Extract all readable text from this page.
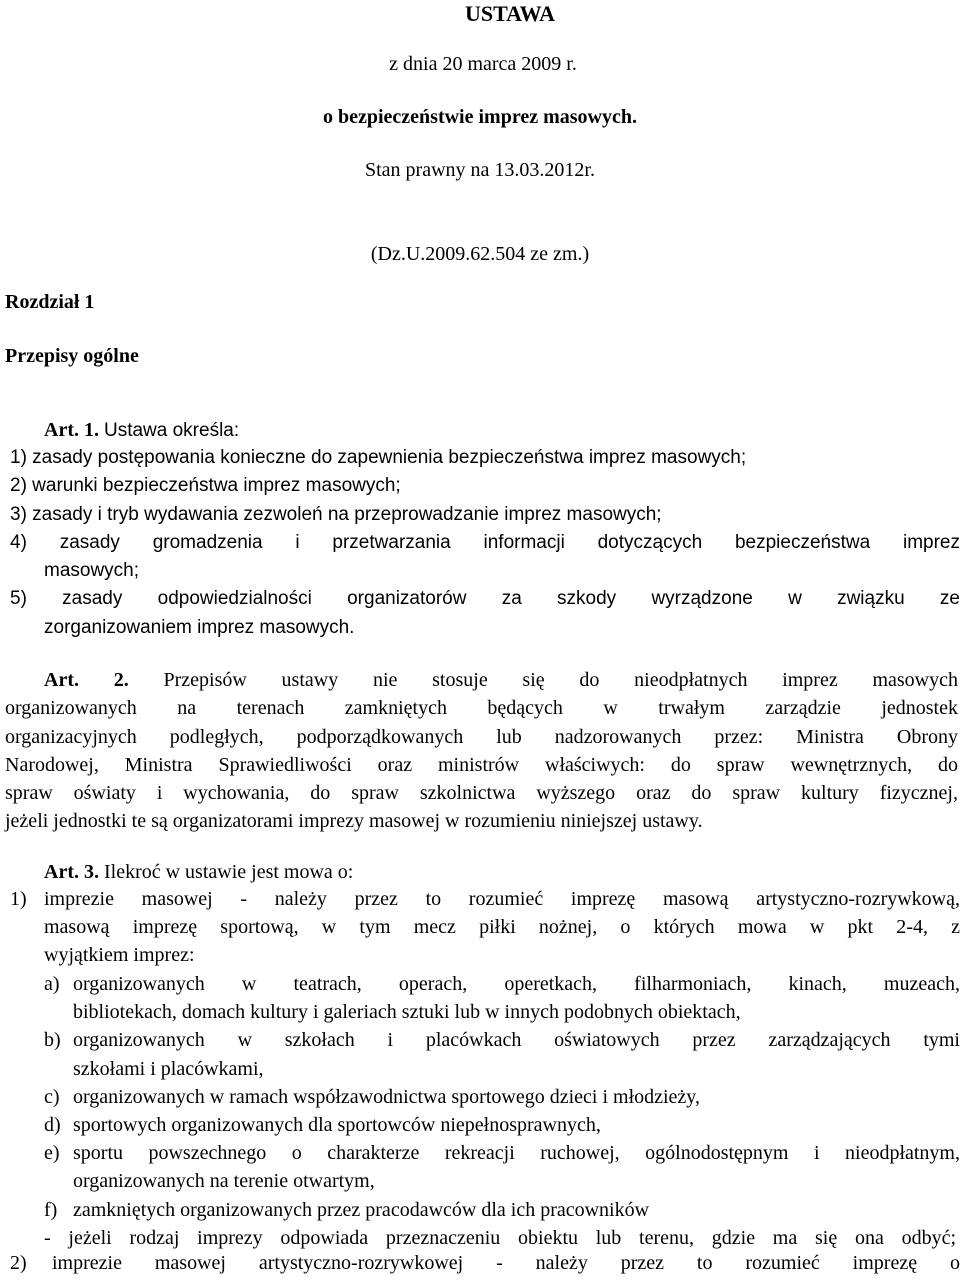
USTAWA
z dnia 20 marca 2009 r.
o bezpieczeństwie imprez masowych.
Stan prawny na 13.03.2012r.
(Dz.U.2009.62.504 ze zm.)
Rozdział 1
Przepisy ogólne
Art. 1. Ustawa określa:
1) zasady postępowania konieczne do zapewnienia bezpieczeństwa imprez masowych;
2) warunki bezpieczeństwa imprez masowych;
3) zasady i tryb wydawania zezwoleń na przeprowadzanie imprez masowych;
4) zasady gromadzenia i przetwarzania informacji dotyczących bezpieczeństwa imprez
masowych;
5) zasady odpowiedzialności organizatorów za szkody wyrządzone w związku ze
zorganizowaniem imprez masowych.
Art. 2. Przepisów ustawy nie stosuje się do nieodpłatnych imprez masowych
organizowanych na terenach zamkniętych będących w trwałym zarządzie jednostek
organizacyjnych podległych, podporządkowanych lub nadzorowanych przez: Ministra Obrony
Narodowej, Ministra Sprawiedliwości oraz ministrów właściwych: do spraw wewnętrznych, do
spraw oświaty i wychowania, do spraw szkolnictwa wyższego oraz do spraw kultury fizycznej,
jeżeli jednostki te są organizatorami imprezy masowej w rozumieniu niniejszej ustawy.
Art. 3. Ilekroć w ustawie jest mowa o:
1) imprezie masowej - należy przez to rozumieć imprezę masową artystyczno-rozrywkową,
masową imprezę sportową, w tym mecz piłki nożnej, o których mowa w pkt 2-4, z
wyjątkiem imprez:
a) organizowanych w teatrach, operach, operetkach, filharmoniach, kinach, muzeach,
bibliotekach, domach kultury i galeriach sztuki lub w innych podobnych obiektach,
b) organizowanych w szkołach i placówkach oświatowych przez zarządzających tymi
szkołami i placówkami,
c) organizowanych w ramach współzawodnictwa sportowego dzieci i młodzieży,
d) sportowych organizowanych dla sportowców niepełnosprawnych,
e) sportu powszechnego o charakterze rekreacji ruchowej, ogólnodostępnym i nieodpłatnym,
organizowanych na terenie otwartym,
f) zamkniętych organizowanych przez pracodawców dla ich pracowników
- jeżeli rodzaj imprezy odpowiada przeznaczeniu obiektu lub terenu, gdzie ma się ona odbyć;
2)	imprezie masowej artystyczno-rozrywkowej - należy przez to rozumieć imprezę o
